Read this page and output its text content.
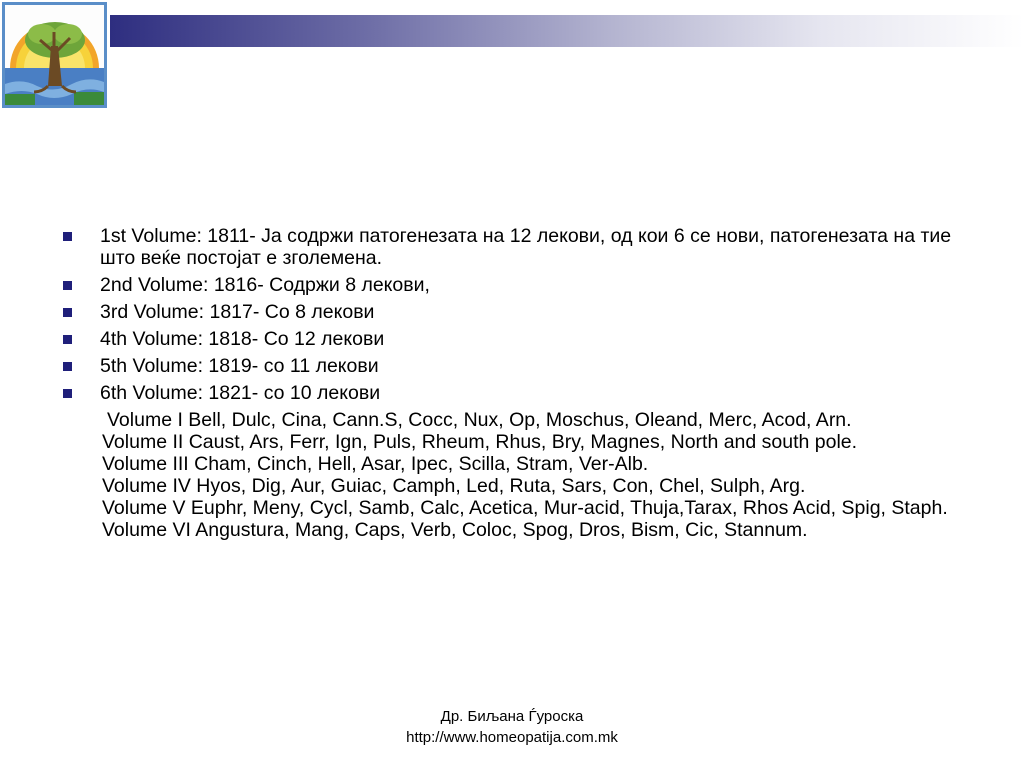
1st Volume: 1811- Ја содржи патогенезата на 12 лекови, од кои 6 се нови, патогенезата на тие што веќе постојат е зголемена.
2nd Volume: 1816- Содржи 8 лекови,
3rd Volume: 1817- Со 8 лекови
4th Volume: 1818- Со 12 лекови
5th Volume: 1819- со 11 лекови
6th Volume: 1821- со 10 лекови

Volume I Bell, Dulc, Cina, Cann.S, Cocc, Nux, Op, Moschus, Oleand, Merc, Acod, Arn.

Volume II Caust, Ars, Ferr, Ign, Puls, Rheum, Rhus, Bry, Magnes, North and south pole.

Volume III Cham, Cinch, Hell, Asar, Ipec, Scilla, Stram, Ver-Alb.

Volume IV Hyos, Dig, Aur, Guiac, Camph, Led, Ruta, Sars, Con, Chel, Sulph, Arg.

Volume V Euphr, Meny, Cycl, Samb, Calc, Acetica, Mur-acid, Thuja,Tarax, Rhos Acid, Spig, Staph.

Volume VI Angustura, Mang, Caps, Verb, Coloc, Spog, Dros, Bism, Cic, Stannum.

Др. Биљана Ѓуроска
http://www.homeopatija.com.mk
